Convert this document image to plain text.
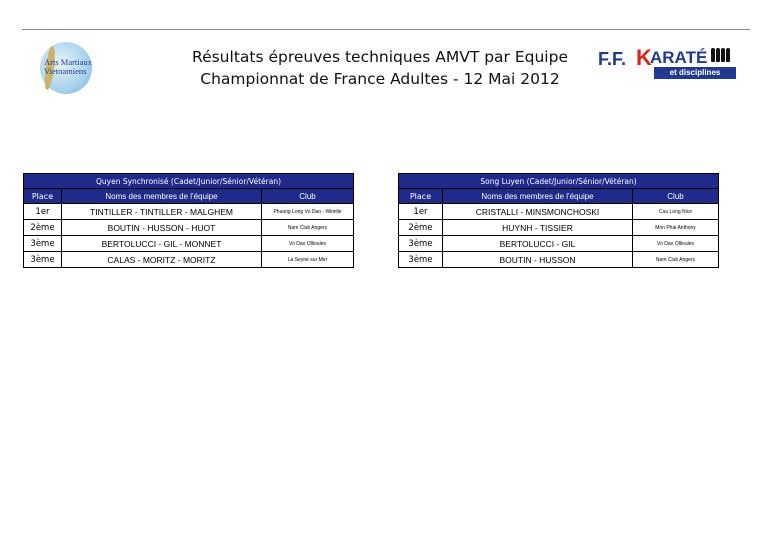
Arts Martiaux
Vietnamiens
Résultats épreuves techniques AMVT par Equipe
Championnat de France Adultes - 12 Mai 2012
F.F. K ARATÉ
et disciplines associées
Quyen Synchronisé (Cadet/Junior/Sénior/Vétéran)		
Place	Noms des membres de l'équipe	Club
1er	TINTILLER - TINTILLER - MALGHEM	Phuong Long Vo Dao - Wimille
2ème	BOUTIN - HUSSON - HUOT	Nam Club Angers
3ème	BERTOLUCCI - GIL - MONNET	Vo Dao Ollioules
3ème	CALAS - MORITZ - MORITZ	La Seyne sur Mer
Song Luyen (Cadet/Junior/Sénior/Vétéran)		
Place	Noms des membres de l'équipe	Club
1er	CRISTALLI - MINSMONCHOSKI	Cuu Long Nice
2ème	HUYNH - TISSIER	Mon Phai Anthony
3ème	BERTOLUCCI - GIL	Vo Dao Ollioules
3ème	BOUTIN - HUSSON	Nam Club Angers
